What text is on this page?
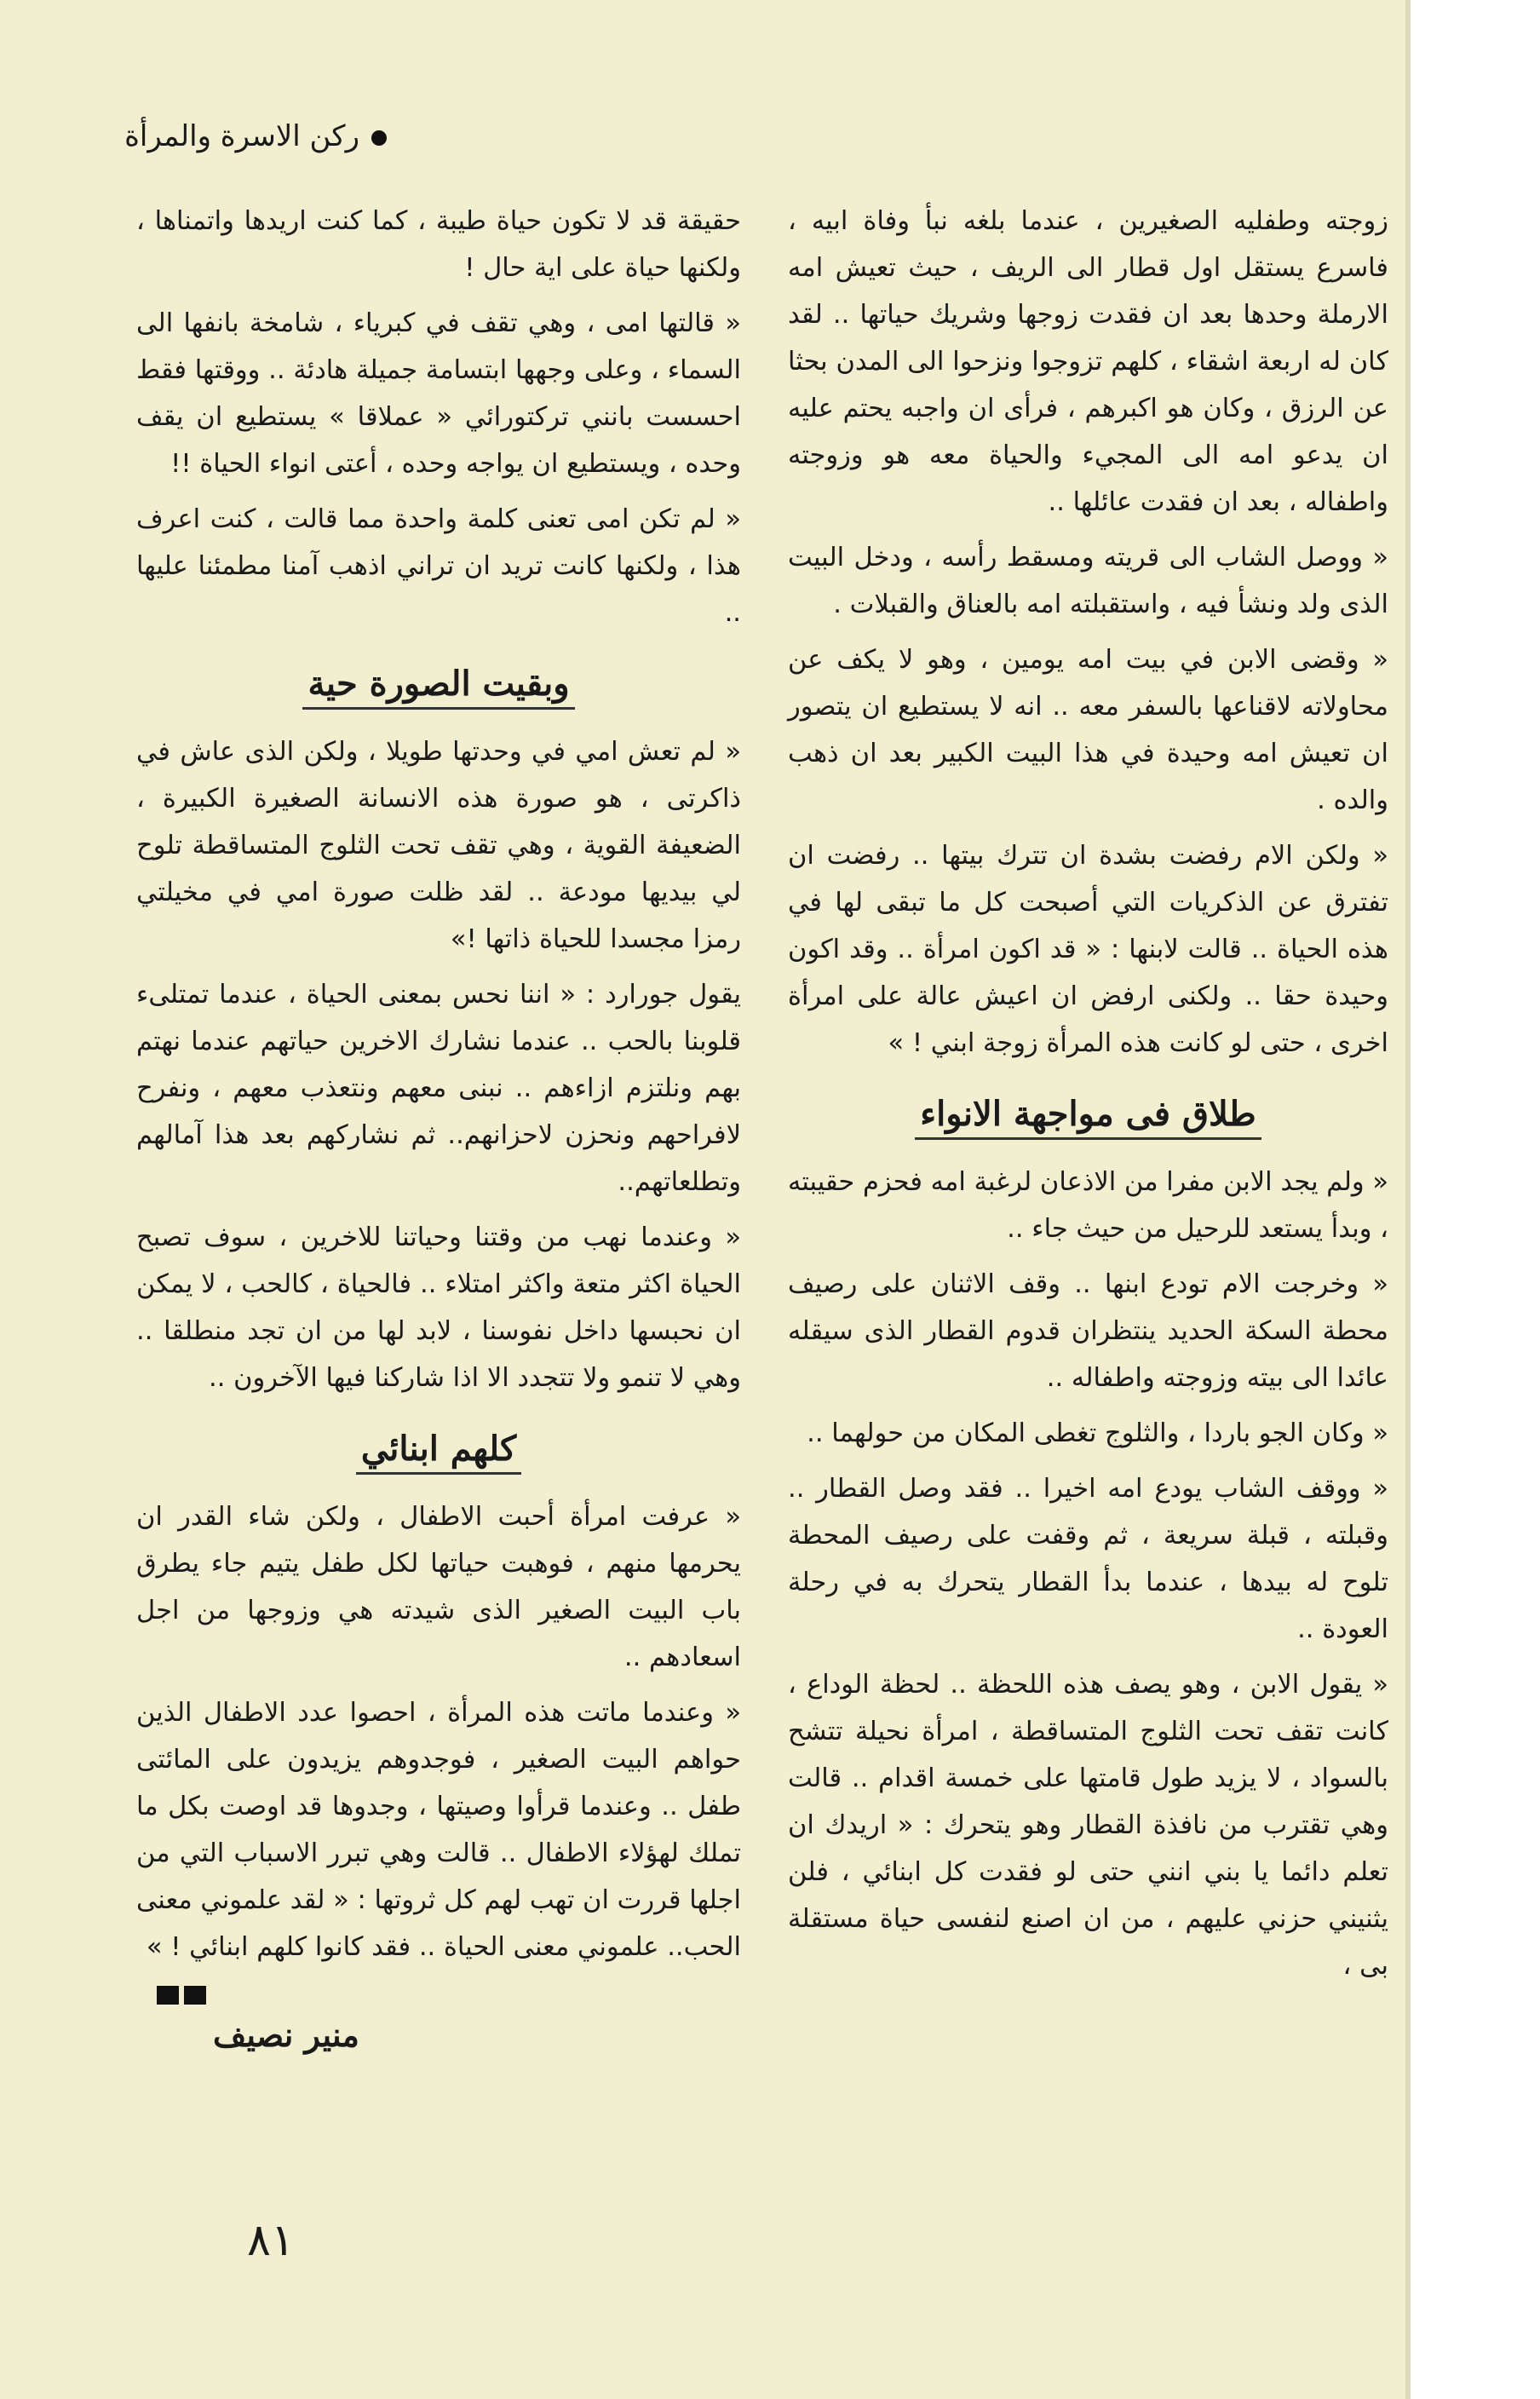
ركن الاسرة والمرأة

زوجته وطفليه الصغيرين ، عندما بلغه نبأ وفاة ابيه ، فاسرع يستقل اول قطار الى الريف ، حيث تعيش امه الارملة وحدها بعد ان فقدت زوجها وشريك حياتها .. لقد كان له اربعة اشقاء ، كلهم تزوجوا ونزحوا الى المدن بحثا عن الرزق ، وكان هو اكبرهم ، فرأى ان واجبه يحتم عليه ان يدعو امه الى المجيء والحياة معه هو وزوجته واطفاله ، بعد ان فقدت عائلها ..

« ووصل الشاب الى قريته ومسقط رأسه ، ودخل البيت الذى ولد ونشأ فيه ، واستقبلته امه بالعناق والقبلات .

« وقضى الابن في بيت امه يومين ، وهو لا يكف عن محاولاته لاقناعها بالسفر معه .. انه لا يستطيع ان يتصور ان تعيش امه وحيدة في هذا البيت الكبير بعد ان ذهب والده .

« ولكن الام رفضت بشدة ان تترك بيتها .. رفضت ان تفترق عن الذكريات التي أصبحت كل ما تبقى لها في هذه الحياة .. قالت لابنها : « قد اكون امرأة .. وقد اكون وحيدة حقا .. ولكنى ارفض ان اعيش عالة على امرأة اخرى ، حتى لو كانت هذه المرأة زوجة ابني ! »

طلاق فى مواجهة الانواء

« ولم يجد الابن مفرا من الاذعان لرغبة امه فحزم حقيبته ، وبدأ يستعد للرحيل من حيث جاء ..

« وخرجت الام تودع ابنها .. وقف الاثنان على رصيف محطة السكة الحديد ينتظران قدوم القطار الذى سيقله عائدا الى بيته وزوجته واطفاله ..

« وكان الجو باردا ، والثلوج تغطى المكان من حولهما ..

« ووقف الشاب يودع امه اخيرا .. فقد وصل القطار .. وقبلته ، قبلة سريعة ، ثم وقفت على رصيف المحطة تلوح له بيدها ، عندما بدأ القطار يتحرك به في رحلة العودة ..

« يقول الابن ، وهو يصف هذه اللحظة .. لحظة الوداع ، كانت تقف تحت الثلوج المتساقطة ، امرأة نحيلة تتشح بالسواد ، لا يزيد طول قامتها على خمسة اقدام .. قالت وهي تقترب من نافذة القطار وهو يتحرك : « اريدك ان تعلم دائما يا بني انني حتى لو فقدت كل ابنائي ، فلن يثنيني حزني عليهم ، من ان اصنع لنفسى حياة مستقلة بى ،

حقيقة قد لا تكون حياة طيبة ، كما كنت اريدها واتمناها ، ولكنها حياة على اية حال !

« قالتها امى ، وهي تقف في كبرياء ، شامخة بانفها الى السماء ، وعلى وجهها ابتسامة جميلة هادئة .. ووقتها فقط احسست بانني تركتورائي « عملاقا » يستطيع ان يقف وحده ، ويستطيع ان يواجه وحده ، أعتى انواء الحياة !!

« لم تكن امى تعنى كلمة واحدة مما قالت ، كنت اعرف هذا ، ولكنها كانت تريد ان تراني اذهب آمنا مطمئنا عليها ..

وبقيت الصورة حية

« لم تعش امي في وحدتها طويلا ، ولكن الذى عاش في ذاكرتى ، هو صورة هذه الانسانة الصغيرة الكبيرة ، الضعيفة القوية ، وهي تقف تحت الثلوج المتساقطة تلوح لي بيديها مودعة .. لقد ظلت صورة امي في مخيلتي رمزا مجسدا للحياة ذاتها !»

يقول جورارد : « اننا نحس بمعنى الحياة ، عندما تمتلىء قلوبنا بالحب .. عندما نشارك الاخرين حياتهم عندما نهتم بهم ونلتزم ازاءهم .. نبنى معهم ونتعذب معهم ، ونفرح لافراحهم ونحزن لاحزانهم.. ثم نشاركهم بعد هذا آمالهم وتطلعاتهم..

« وعندما نهب من وقتنا وحياتنا للاخرين ، سوف تصبح الحياة اكثر متعة واكثر امتلاء .. فالحياة ، كالحب ، لا يمكن ان نحبسها داخل نفوسنا ، لابد لها من ان تجد منطلقا .. وهي لا تنمو ولا تتجدد الا اذا شاركنا فيها الآخرون ..

كلهم ابنائي

« عرفت امرأة أحبت الاطفال ، ولكن شاء القدر ان يحرمها منهم ، فوهبت حياتها لكل طفل يتيم جاء يطرق باب البيت الصغير الذى شيدته هي وزوجها من اجل اسعادهم ..

« وعندما ماتت هذه المرأة ، احصوا عدد الاطفال الذين حواهم البيت الصغير ، فوجدوهم يزيدون على المائتى طفل .. وعندما قرأوا وصيتها ، وجدوها قد اوصت بكل ما تملك لهؤلاء الاطفال .. قالت وهي تبرر الاسباب التي من اجلها قررت ان تهب لهم كل ثروتها : « لقد علموني معنى الحب.. علموني معنى الحياة .. فقد كانوا كلهم ابنائي ! »

منير نصيف
٨١
